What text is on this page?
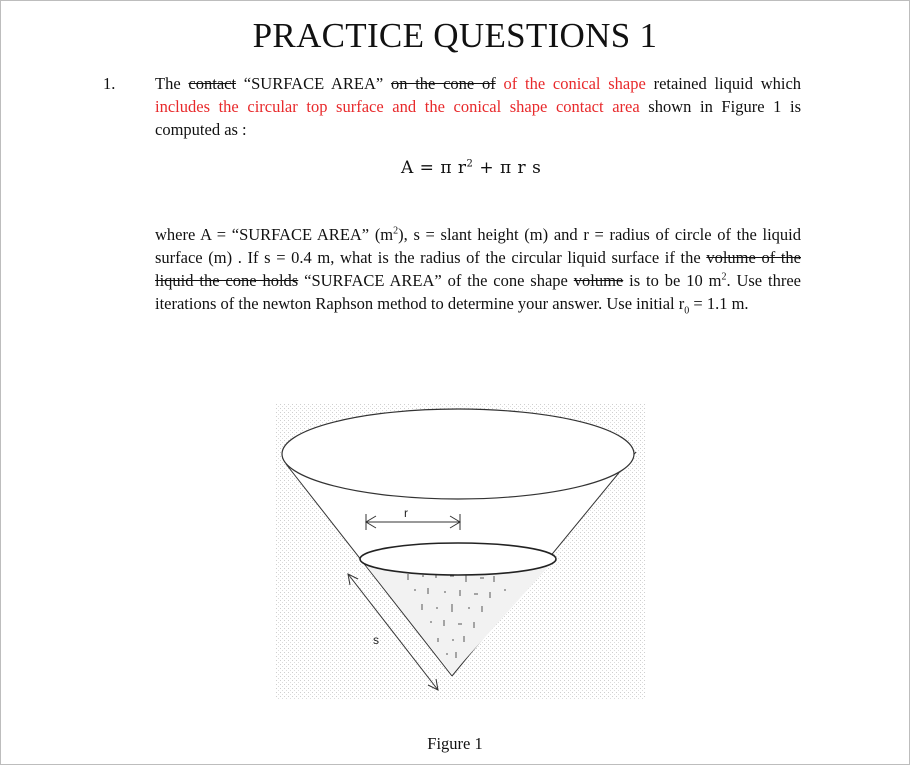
PRACTICE QUESTIONS 1
1. The contact “SURFACE AREA” on the cone of of the conical shape retained liquid which includes the circular top surface and the conical shape contact area shown in Figure 1 is computed as :

A = π $r^2 + \pi$ r s

where A = “SURFACE AREA” $(m^2)$, s = slant height (m) and r = radius of circle of the liquid surface (m) . If s = 0.4 m, what is the radius of the circular liquid surface if the volume of the liquid the cone holds “SURFACE AREA” of the cone shape volume is to be 10 $m^2$. Use three iterations of the newton Raphson method to determine your answer. Use initial $r_0 = 1.1$ m.

r
s
Figure 1
